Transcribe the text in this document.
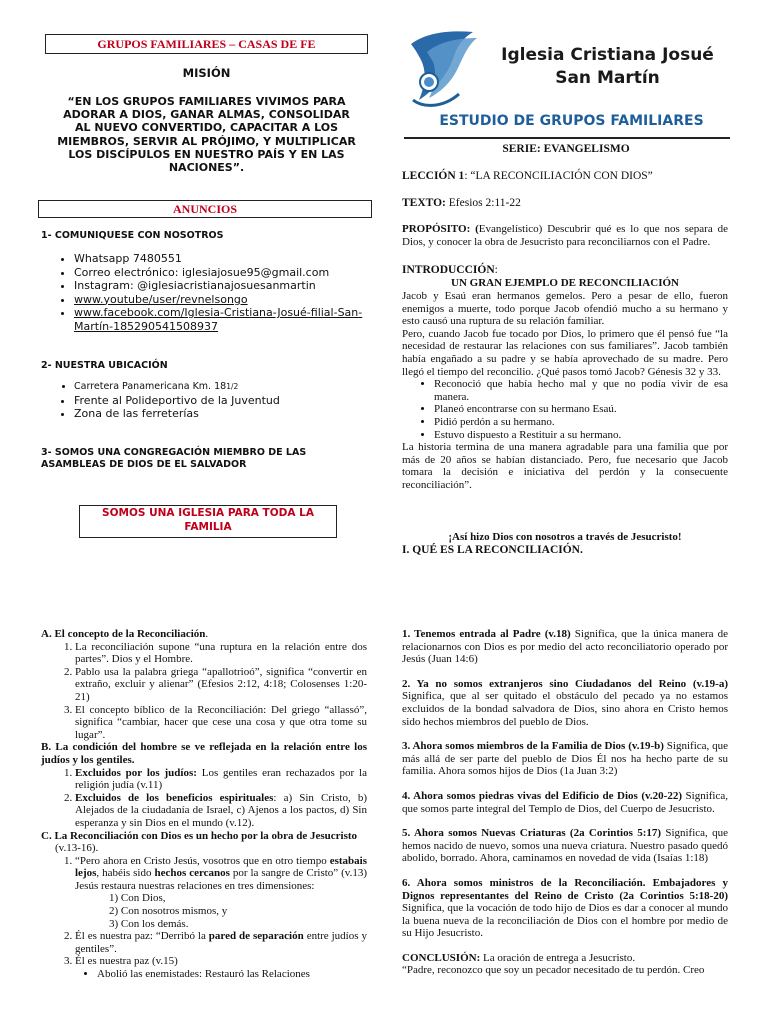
GRUPOS FAMILIARES – CASAS DE FE
MISIÓN
“EN LOS GRUPOS FAMILIARES VIVIMOS PARA ADORAR A DIOS, GANAR ALMAS, CONSOLIDAR AL NUEVO CONVERTIDO, CAPACITAR A LOS MIEMBROS, SERVIR AL PRÓJIMO, Y MULTIPLICAR LOS DISCÍPULOS EN NUESTRO PAÍS Y EN LAS NACIONES”.
ANUNCIOS
1- COMUNIQUESE CON NOSOTROS
• Whatsapp 7480551
• Correo electrónico: iglesiajosue95@gmail.com
• Instagram: @iglesiacristianajosuesanmartin
• www.youtube/user/revnelsongo
• www.facebook.com/Iglesia-Cristiana-Josué-filial-San-Martín-185290541508937
2- NUESTRA UBICACIÓN
• Carretera Panamericana Km. 181/2
• Frente al Polideportivo de la Juventud
• Zona de las ferreterías
3- SOMOS UNA CONGREGACIÓN MIEMBRO DE LAS ASAMBLEAS DE DIOS DE EL SALVADOR
SOMOS UNA IGLESIA PARA TODA LA FAMILIA
Iglesia Cristiana Josué
San Martín
ESTUDIO DE GRUPOS FAMILIARES
SERIE: EVANGELISMO
LECCIÓN 1: “LA RECONCILIACIÓN CON DIOS”
TEXTO: Efesios 2:11-22
PROPÓSITO: (Evangelístico) Descubrir qué es lo que nos separa de Dios, y conocer la obra de Jesucristo para reconciliarnos con el Padre.
INTRODUCCIÓN:
UN GRAN EJEMPLO DE RECONCILIACIÓN
Jacob y Esaú eran hermanos gemelos. Pero a pesar de ello, fueron enemigos a muerte, todo porque Jacob ofendió mucho a su hermano y esto causó una ruptura de su relación familiar.
Pero, cuando Jacob fue tocado por Dios, lo primero que él pensó fue “la necesidad de restaurar las relaciones con sus familiares”. Jacob también había engañado a su padre y se había aprovechado de su madre. Pero llegó el tiempo del reconcilio. ¿Qué pasos tomó Jacob? Génesis 32 y 33.
• Reconoció que había hecho mal y que no podía vivir de esa manera.
• Planeó encontrarse con su hermano Esaú.
• Pidió perdón a su hermano.
• Estuvo dispuesto a Restituir a su hermano.
La historia termina de una manera agradable para una familia que por más de 20 años se habían distanciado. Pero, fue necesario que Jacob tomara la decisión e iniciativa del perdón y la consecuente reconciliación”.
¡Así hizo Dios con nosotros a través de Jesucristo!
I. QUÉ ES LA RECONCILIACIÓN.
A. El concepto de la Reconciliación.
1. La reconciliación supone “una ruptura en la relación entre dos partes”. Dios y el Hombre.
2. Pablo usa la palabra griega “apallotrioó”, significa “convertir en extraño, excluir y alienar” (Efesios 2:12, 4:18; Colosenses 1:20-21)
3. El concepto bíblico de la Reconciliación: Del griego “allassó”, significa “cambiar, hacer que cese una cosa y que otra tome su lugar”.
B. La condición del hombre se ve reflejada en la relación entre los judíos y los gentiles.
1. Excluidos por los judíos: Los gentiles eran rechazados por la religión judía (v.11)
2. Excluidos de los beneficios espirituales: a) Sin Cristo, b) Alejados de la ciudadanía de Israel, c) Ajenos a los pactos, d) Sin esperanza y sin Dios en el mundo (v.12).
C. La Reconciliación con Dios es un hecho por la obra de Jesucristo
(v.13-16).
1. “Pero ahora en Cristo Jesús, vosotros que en otro tiempo estabais lejos, habéis sido hechos cercanos por la sangre de Cristo” (v.13) Jesús restaura nuestras relaciones en tres dimensiones:
1) Con Dios,
2) Con nosotros mismos, y
3) Con los demás.
2. Él es nuestra paz: “Derribó la pared de separación entre judíos y gentiles”.
3. Él es nuestra paz (v.15)
• Abolió las enemistades: Restauró las Relaciones
1. Tenemos entrada al Padre (v.18) Significa, que la única manera de relacionarnos con Dios es por medio del acto reconciliatorio operado por Jesús (Juan 14:6)
2. Ya no somos extranjeros sino Ciudadanos del Reino (v.19-a) Significa, que al ser quitado el obstáculo del pecado ya no estamos excluidos de la bondad salvadora de Dios, sino ahora en Cristo hemos sido hechos miembros del pueblo de Dios.
3. Ahora somos miembros de la Familia de Dios (v.19-b) Significa, que más allá de ser parte del pueblo de Dios Él nos ha hecho parte de su familia. Ahora somos hijos de Dios (1a Juan 3:2)
4. Ahora somos piedras vivas del Edificio de Dios (v.20-22) Significa, que somos parte integral del Templo de Dios, del Cuerpo de Jesucristo.
5. Ahora somos Nuevas Criaturas (2a Corintios 5:17) Significa, que hemos nacido de nuevo, somos una nueva criatura. Nuestro pasado quedó abolido, borrado. Ahora, caminamos en novedad de vida (Isaías 1:18)
6. Ahora somos ministros de la Reconciliación. Embajadores y Dignos representantes del Reino de Cristo (2a Corintios 5:18-20) Significa, que la vocación de todo hijo de Dios es dar a conocer al mundo la buena nueva de la reconciliación de Dios con el hombre por medio de su Hijo Jesucristo.
CONCLUSIÓN: La oración de entrega a Jesucristo.
“Padre, reconozco que soy un pecador necesitado de tu perdón. Creo
